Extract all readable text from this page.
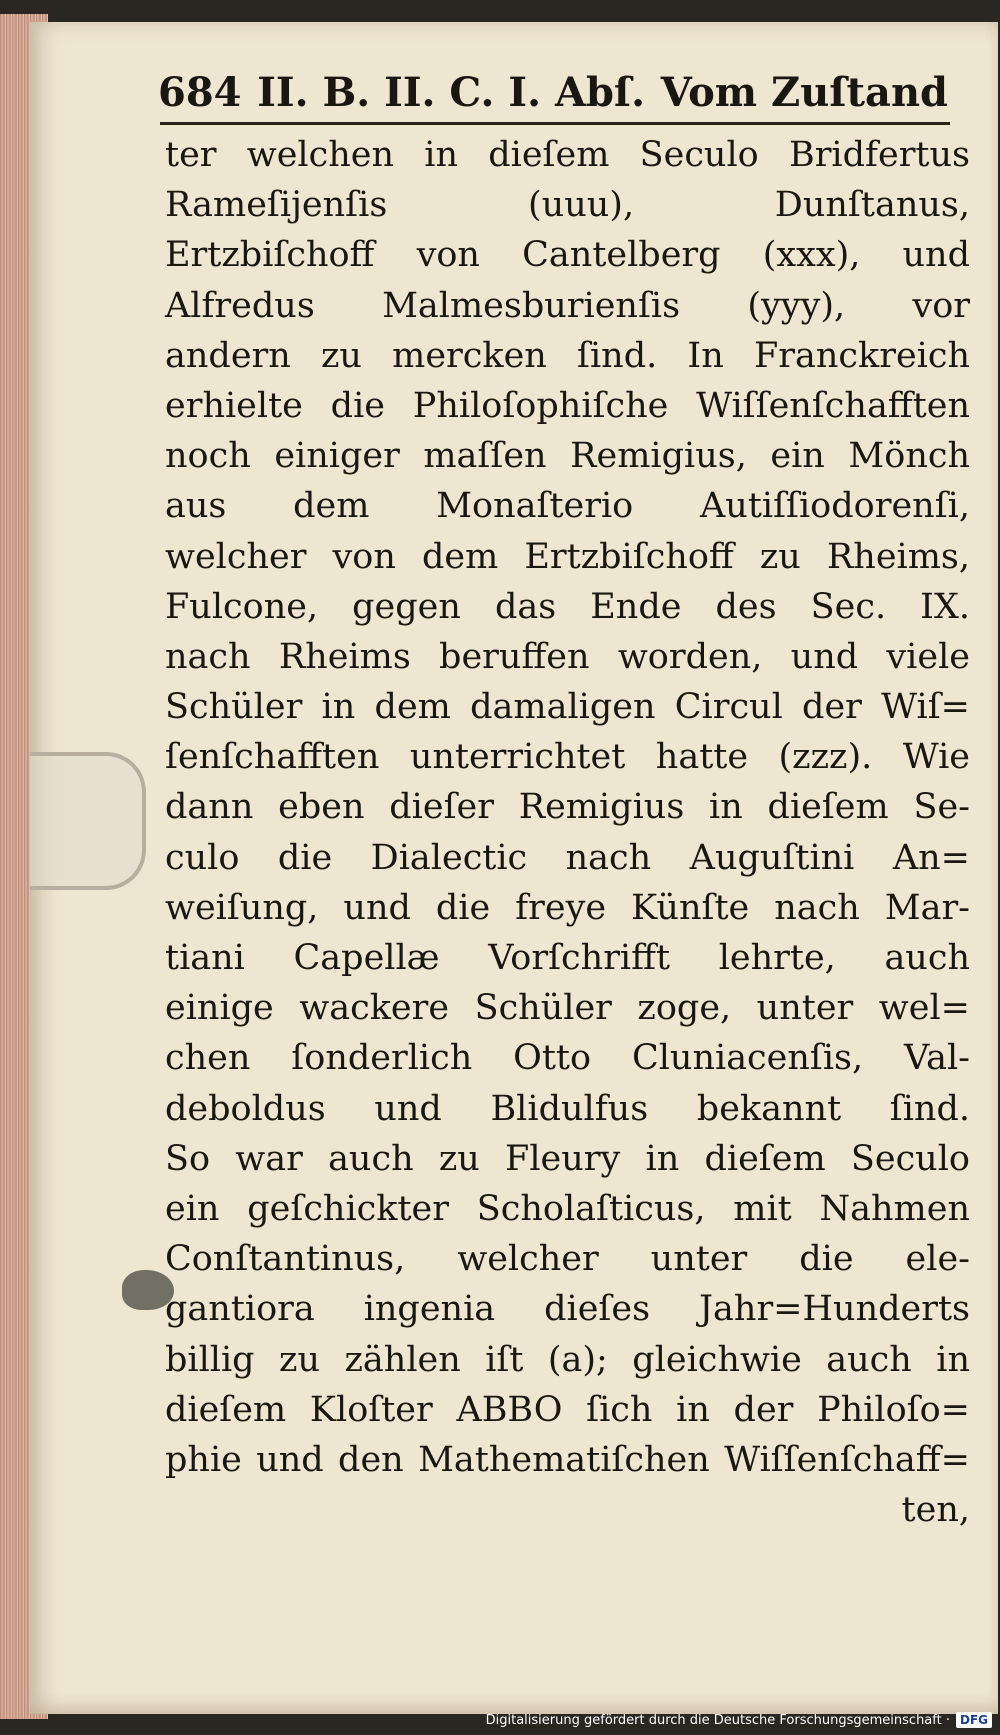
684 II. B. II. C. I. Abſ. Vom Zuſtand
ter welchen in dieſem Seculo Bridfertus
Rameſijenſis (uuu), Dunſtanus,
Ertzbiſchoff von Cantelberg (xxx), und
Alfredus Malmesburienſis (yyy), vor
andern zu mercken ſind. In Franckreich
erhielte die Philoſophiſche Wiſſenſchafften
noch einiger maſſen Remigius, ein Mönch
aus dem Monaſterio Autiſſiodorenſi,
welcher von dem Ertzbiſchoff zu Rheims,
Fulcone, gegen das Ende des Sec. IX.
nach Rheims beruffen worden, und viele
Schüler in dem damaligen Circul der Wiſ=
ſenſchafften unterrichtet hatte (zzz). Wie
dann eben dieſer Remigius in dieſem Se-
culo die Dialectic nach Auguſtini An=
weiſung, und die freye Künſte nach Mar-
tiani Capellæ Vorſchrifft lehrte, auch
einige wackere Schüler zoge, unter wel=
chen ſonderlich Otto Cluniacenſis, Val-
deboldus und Blidulfus bekannt ſind.
So war auch zu Fleury in dieſem Seculo
ein geſchickter Scholaſticus, mit Nahmen
Conſtantinus, welcher unter die ele-
gantiora ingenia dieſes Jahr=Hunderts
billig zu zählen iſt (a); gleichwie auch in
dieſem Kloſter ABBO ſich in der Philoſo=
phie und den Mathematiſchen Wiſſenſchaff=
ten,
Digitalisierung gefördert durch die Deutsche Forschungsgemeinschaft · DFG
